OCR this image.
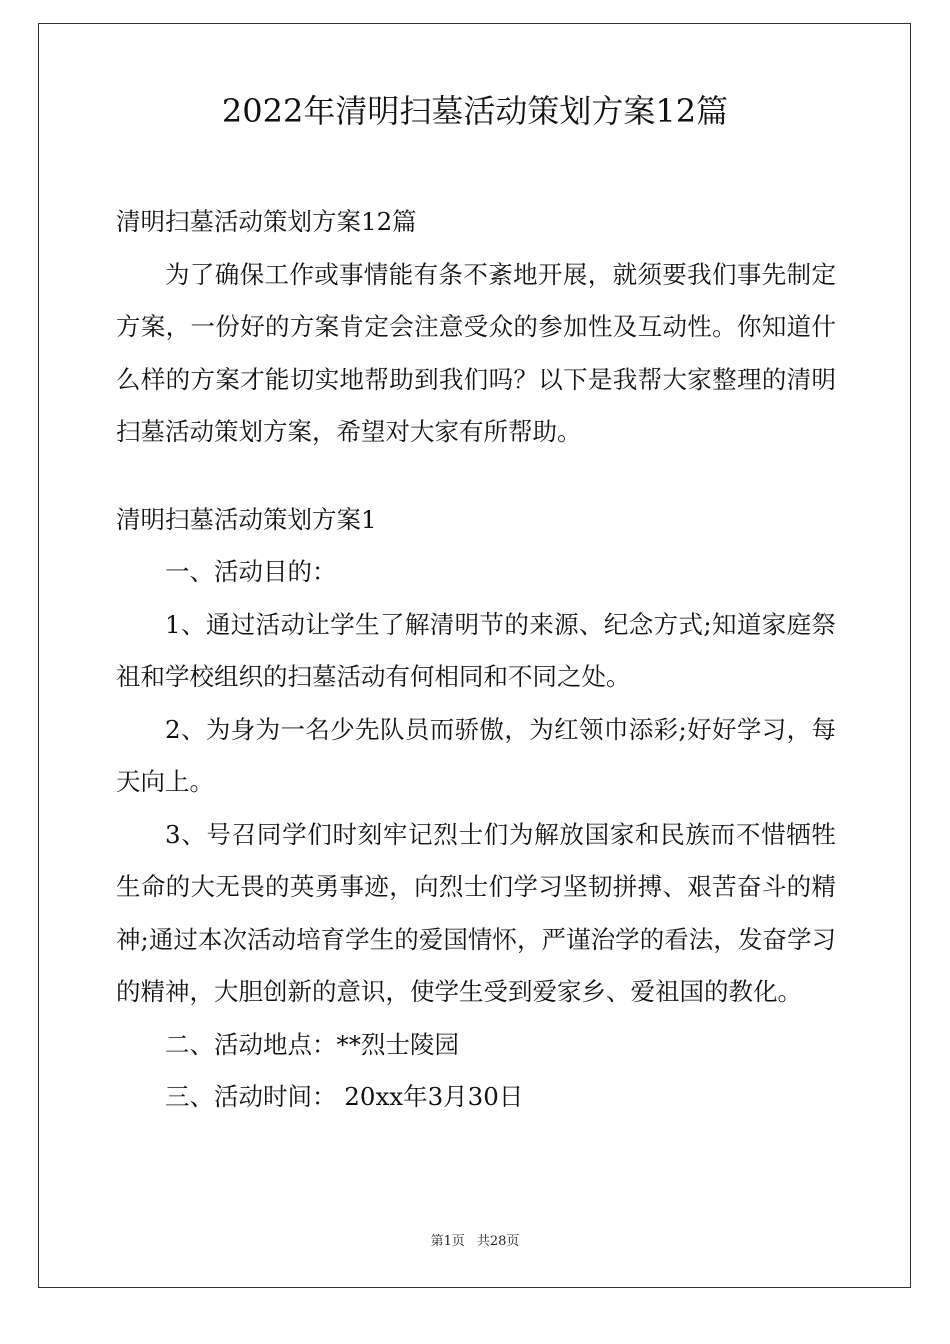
2022年清明扫墓活动策划方案12篇

清明扫墓活动策划方案12篇

为了确保工作或事情能有条不紊地开展，就须要我们事先制定方案，一份好的方案肯定会注意受众的参加性及互动性。你知道什么样的方案才能切实地帮助到我们吗？以下是我帮大家整理的清明扫墓活动策划方案，希望对大家有所帮助。

清明扫墓活动策划方案1

一、活动目的：

1、通过活动让学生了解清明节的来源、纪念方式;知道家庭祭祖和学校组织的扫墓活动有何相同和不同之处。

2、为身为一名少先队员而骄傲，为红领巾添彩;好好学习，每天向上。

3、号召同学们时刻牢记烈士们为解放国家和民族而不惜牺牲生命的大无畏的英勇事迹，向烈士们学习坚韧拼搏、艰苦奋斗的精神;通过本次活动培育学生的爱国情怀，严谨治学的看法，发奋学习的精神，大胆创新的意识，使学生受到爱家乡、爱祖国的教化。

二、活动地点：**烈士陵园

三、活动时间： 20xx年3月30日

第1页 共28页
